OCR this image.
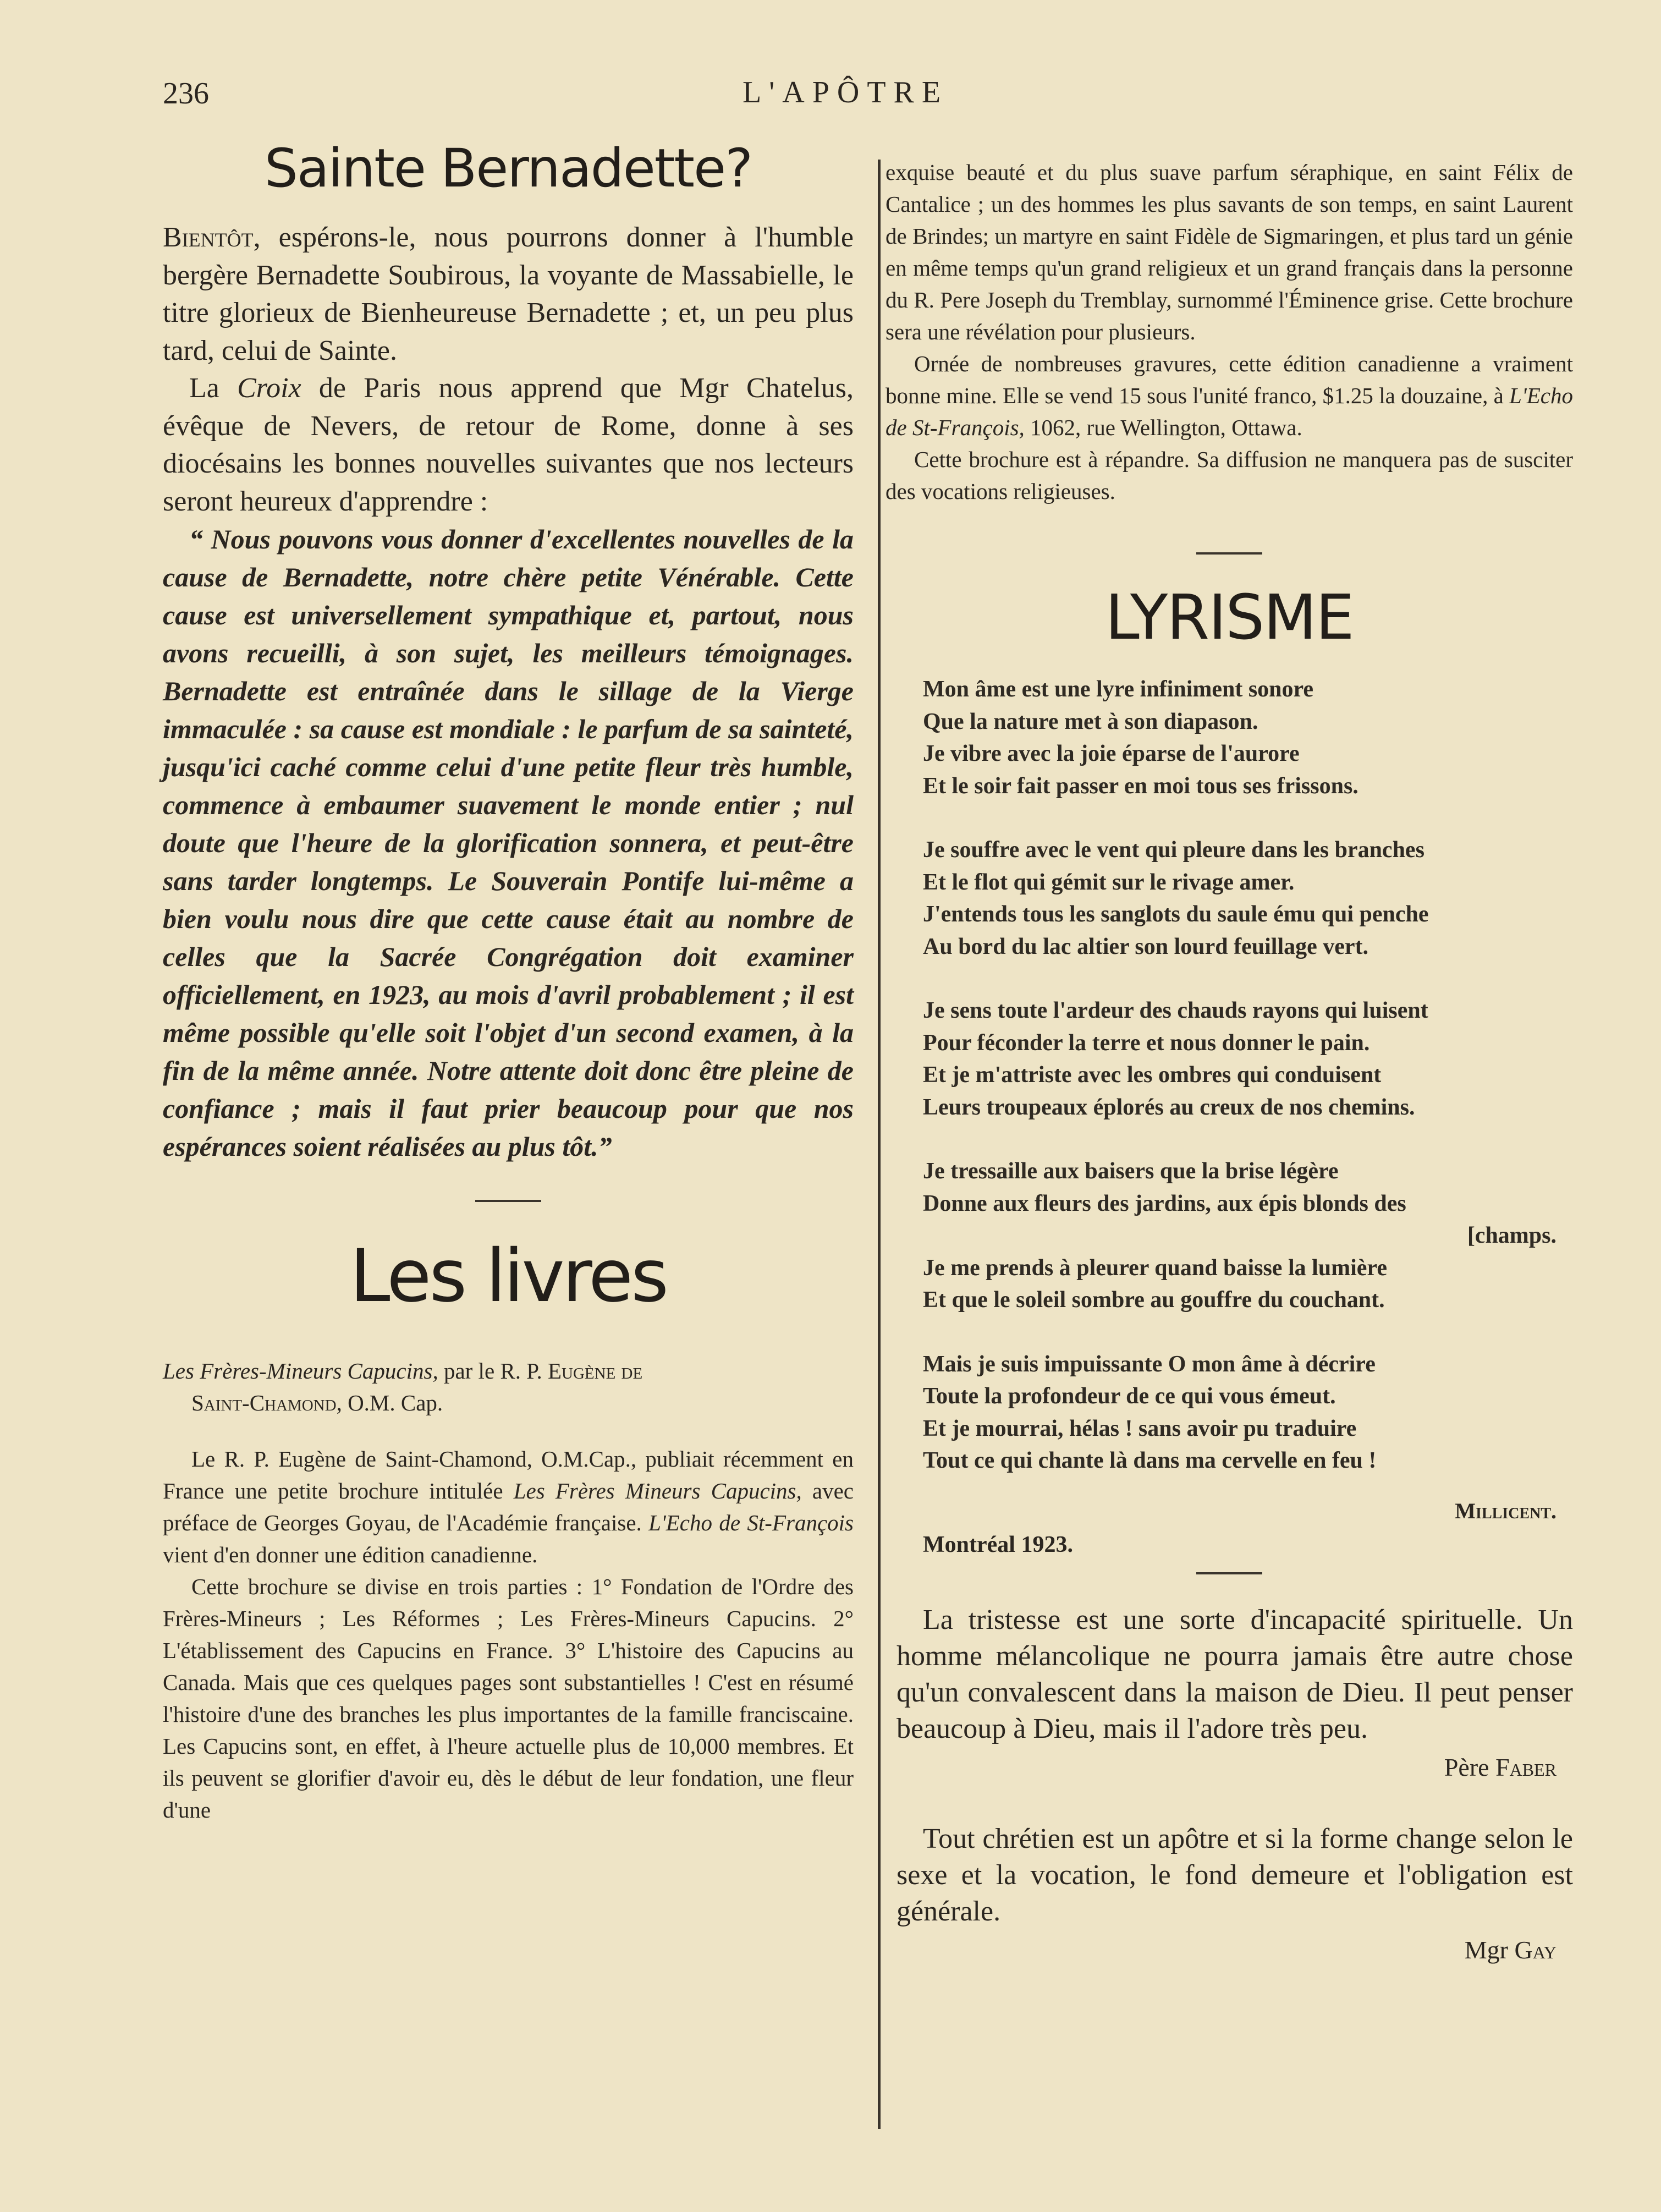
236	L'APÔTRE
Sainte Bernadette?

Bientôt, espérons-le, nous pourrons donner à l'humble bergère Bernadette Soubirous, la voyante de Massabielle, le titre glorieux de Bienheureuse Bernadette ; et, un peu plus tard, celui de Sainte.

La Croix de Paris nous apprend que Mgr Chatelus, évêque de Nevers, de retour de Rome, donne à ses diocésains les bonnes nouvelles suivantes que nos lecteurs seront heureux d'apprendre :

“ Nous pouvons vous donner d'excellentes nouvelles de la cause de Bernadette, notre chère petite Vénérable. Cette cause est universellement sympathique et, partout, nous avons recueilli, à son sujet, les meilleurs témoignages. Bernadette est entraînée dans le sillage de la Vierge immaculée : sa cause est mondiale : le parfum de sa sainteté, jusqu'ici caché comme celui d'une petite fleur très humble, commence à embaumer suavement le monde entier ; nul doute que l'heure de la glorification sonnera, et peut-être sans tarder longtemps. Le Souverain Pontife lui-même a bien voulu nous dire que cette cause était au nombre de celles que la Sacrée Congrégation doit examiner officiellement, en 1923, au mois d'avril probablement ; il est même possible qu'elle soit l'objet d'un second examen, à la fin de la même année. Notre attente doit donc être pleine de confiance ; mais il faut prier beaucoup pour que nos espérances soient réalisées au plus tôt.”

Les livres
Les Frères-Mineurs Capucins, par le R. P. Eugène de
Saint-Chamond, O.M. Cap.

Le R. P. Eugène de Saint-Chamond, O.M.Cap., publiait récemment en France une petite brochure intitulée Les Frères Mineurs Capucins, avec préface de Georges Goyau, de l'Académie française. L'Echo de St-François vient d'en donner une édition canadienne.

Cette brochure se divise en trois parties : 1° Fondation de l'Ordre des Frères-Mineurs ; Les Réformes ; Les Frères-Mineurs Capucins. 2° L'établissement des Capucins en France. 3° L'histoire des Capucins au Canada. Mais que ces quelques pages sont substantielles ! C'est en résumé l'histoire d'une des branches les plus importantes de la famille franciscaine. Les Capucins sont, en effet, à l'heure actuelle plus de 10,000 membres. Et ils peuvent se glorifier d'avoir eu, dès le début de leur fondation, une fleur d'une

exquise beauté et du plus suave parfum séraphique, en saint Félix de Cantalice ; un des hommes les plus savants de son temps, en saint Laurent de Brindes; un martyre en saint Fidèle de Sigmaringen, et plus tard un génie en même temps qu'un grand religieux et un grand français dans la personne du R. Pere Joseph du Tremblay, surnommé l'Éminence grise. Cette brochure sera une révélation pour plusieurs.

Ornée de nombreuses gravures, cette édition canadienne a vraiment bonne mine. Elle se vend 15 sous l'unité franco, $1.25 la douzaine, à L'Echo de St-François, 1062, rue Wellington, Ottawa.

Cette brochure est à répandre. Sa diffusion ne manquera pas de susciter des vocations religieuses.

LYRISME
Mon âme est une lyre infiniment sonore
Que la nature met à son diapason.
Je vibre avec la joie éparse de l'aurore
Et le soir fait passer en moi tous ses frissons.
Je souffre avec le vent qui pleure dans les branches
Et le flot qui gémit sur le rivage amer.
J'entends tous les sanglots du saule ému qui penche
Au bord du lac altier son lourd feuillage vert.
Je sens toute l'ardeur des chauds rayons qui luisent
Pour féconder la terre et nous donner le pain.
Et je m'attriste avec les ombres qui conduisent
Leurs troupeaux éplorés au creux de nos chemins.
Je tressaille aux baisers que la brise légère
Donne aux fleurs des jardins, aux épis blonds des
[champs.
Je me prends à pleurer quand baisse la lumière
Et que le soleil sombre au gouffre du couchant.
Mais je suis impuissante O mon âme à décrire
Toute la profondeur de ce qui vous émeut.
Et je mourrai, hélas ! sans avoir pu traduire
Tout ce qui chante là dans ma cervelle en feu !
Millicent.
Montréal 1923.

La tristesse est une sorte d'incapacité spirituelle. Un homme mélancolique ne pourra jamais être autre chose qu'un convalescent dans la maison de Dieu. Il peut penser beaucoup à Dieu, mais il l'adore très peu.

Père Faber

Tout chrétien est un apôtre et si la forme change selon le sexe et la vocation, le fond demeure et l'obligation est générale.

Mgr Gay
